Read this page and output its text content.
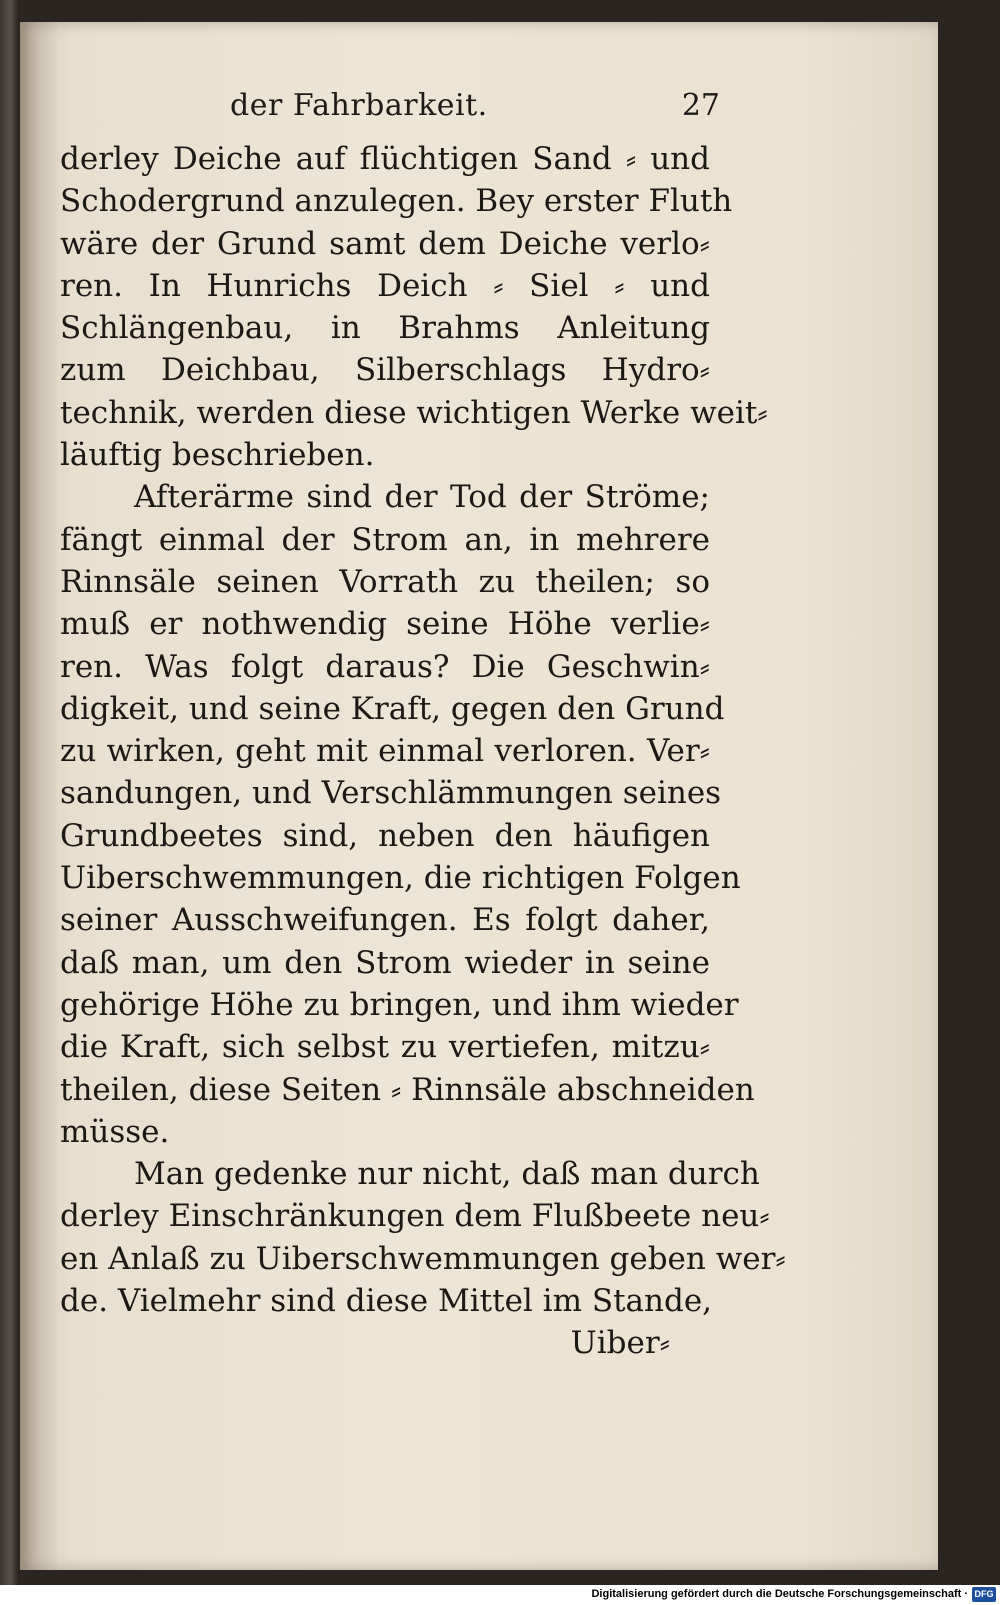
der Fahrbarkeit.	27
derley Deiche auf flüchtigen Sand ⸗ und
Schodergrund anzulegen. Bey erster Fluth
wäre der Grund samt dem Deiche verlo⸗
ren. In Hunrichs Deich ⸗ Siel ⸗ und
Schlängenbau, in Brahms Anleitung
zum Deichbau, Silberschlags Hydro⸗
technik, werden diese wichtigen Werke weit⸗
läuftig beschrieben.
Afterärme sind der Tod der Ströme;
fängt einmal der Strom an, in mehrere
Rinnsäle seinen Vorrath zu theilen; so
muß er nothwendig seine Höhe verlie⸗
ren. Was folgt daraus? Die Geschwin⸗
digkeit, und seine Kraft, gegen den Grund
zu wirken, geht mit einmal verloren. Ver⸗
sandungen, und Verschlämmungen seines
Grundbeetes sind, neben den häufigen
Uiberschwemmungen, die richtigen Folgen
seiner Ausschweifungen. Es folgt daher,
daß man, um den Strom wieder in seine
gehörige Höhe zu bringen, und ihm wieder
die Kraft, sich selbst zu vertiefen, mitzu⸗
theilen, diese Seiten ⸗ Rinnsäle abschneiden
müsse.
Man gedenke nur nicht, daß man durch
derley Einschränkungen dem Flußbeete neu⸗
en Anlaß zu Uiberschwemmungen geben wer⸗
de. Vielmehr sind diese Mittel im Stande,
Uiber⸗
Digitalisierung gefördert durch die Deutsche Forschungsgemeinschaft · DFG
